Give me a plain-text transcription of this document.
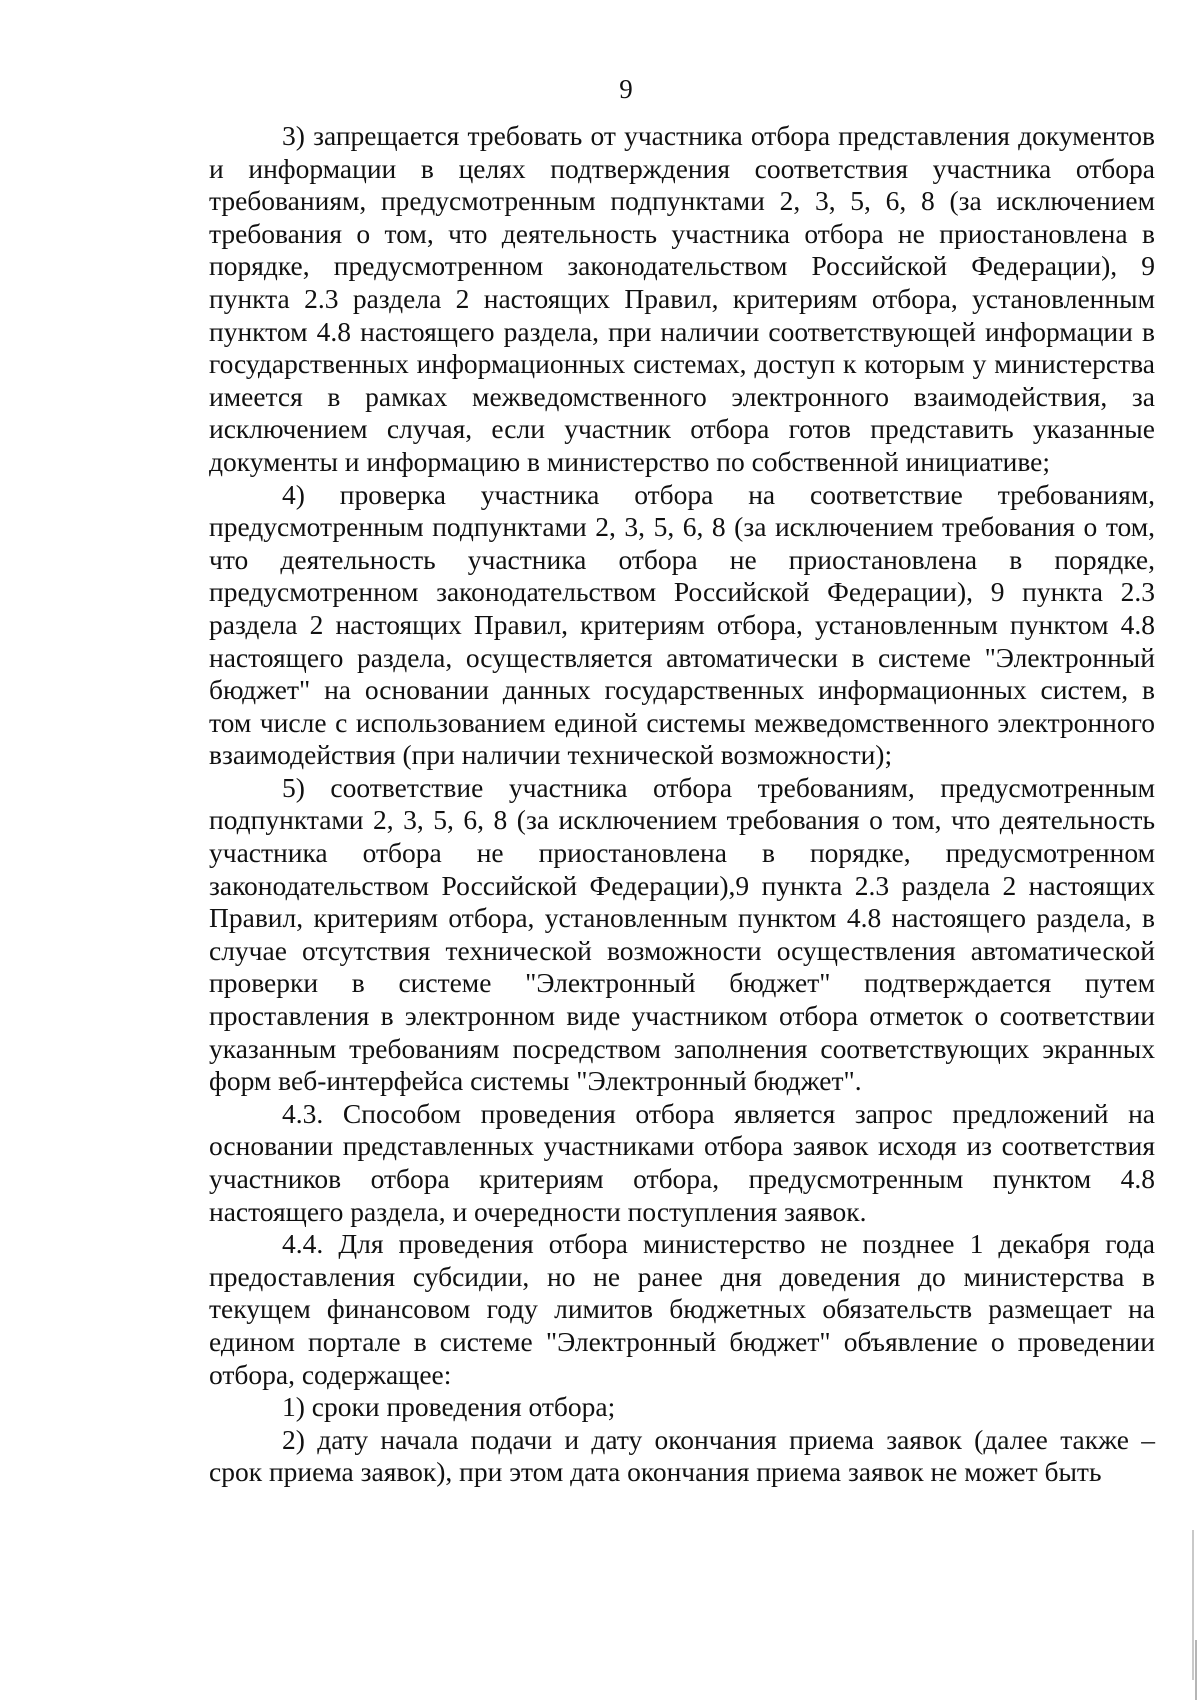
9

3) запрещается требовать от участника отбора представления документов и информации в целях подтверждения соответствия участника отбора требованиям, предусмотренным подпунктами 2, 3, 5, 6, 8 (за исключением требования о том, что деятельность участника отбора не приостановлена в порядке, предусмотренном законодательством Российской Федерации), 9 пункта 2.3 раздела 2 настоящих Правил, критериям отбора, установленным пунктом 4.8 настоящего раздела, при наличии соответствующей информации в государственных информационных системах, доступ к которым у министерства имеется в рамках межведомственного электронного взаимодействия, за исключением случая, если участник отбора готов представить указанные документы и информацию в министерство по собственной инициативе;

4) проверка участника отбора на соответствие требованиям, предусмотренным подпунктами 2, 3, 5, 6, 8 (за исключением требования о том, что деятельность участника отбора не приостановлена в порядке, предусмотренном законодательством Российской Федерации), 9 пункта 2.3 раздела 2 настоящих Правил, критериям отбора, установленным пунктом 4.8 настоящего раздела, осуществляется автоматически в системе "Электронный бюджет" на основании данных государственных информационных систем, в том числе с использованием единой системы межведомственного электронного взаимодействия (при наличии технической возможности);

5) соответствие участника отбора требованиям, предусмотренным подпунктами 2, 3, 5, 6, 8 (за исключением требования о том, что деятельность участника отбора не приостановлена в порядке, предусмотренном законодательством Российской Федерации),9 пункта 2.3 раздела 2 настоящих Правил, критериям отбора, установленным пунктом 4.8 настоящего раздела, в случае отсутствия технической возможности осуществления автоматической проверки в системе "Электронный бюджет" подтверждается путем проставления в электронном виде участником отбора отметок о соответствии указанным требованиям посредством заполнения соответствующих экранных форм веб-интерфейса системы "Электронный бюджет".

4.3. Способом проведения отбора является запрос предложений на основании представленных участниками отбора заявок исходя из соответствия участников отбора критериям отбора, предусмотренным пунктом 4.8 настоящего раздела, и очередности поступления заявок.

4.4. Для проведения отбора министерство не позднее 1 декабря года предоставления субсидии, но не ранее дня доведения до министерства в текущем финансовом году лимитов бюджетных обязательств размещает на едином портале в системе "Электронный бюджет" объявление о проведении отбора, содержащее:

1) сроки проведения отбора;

2) дату начала подачи и дату окончания приема заявок (далее также – срок приема заявок), при этом дата окончания приема заявок не может быть
